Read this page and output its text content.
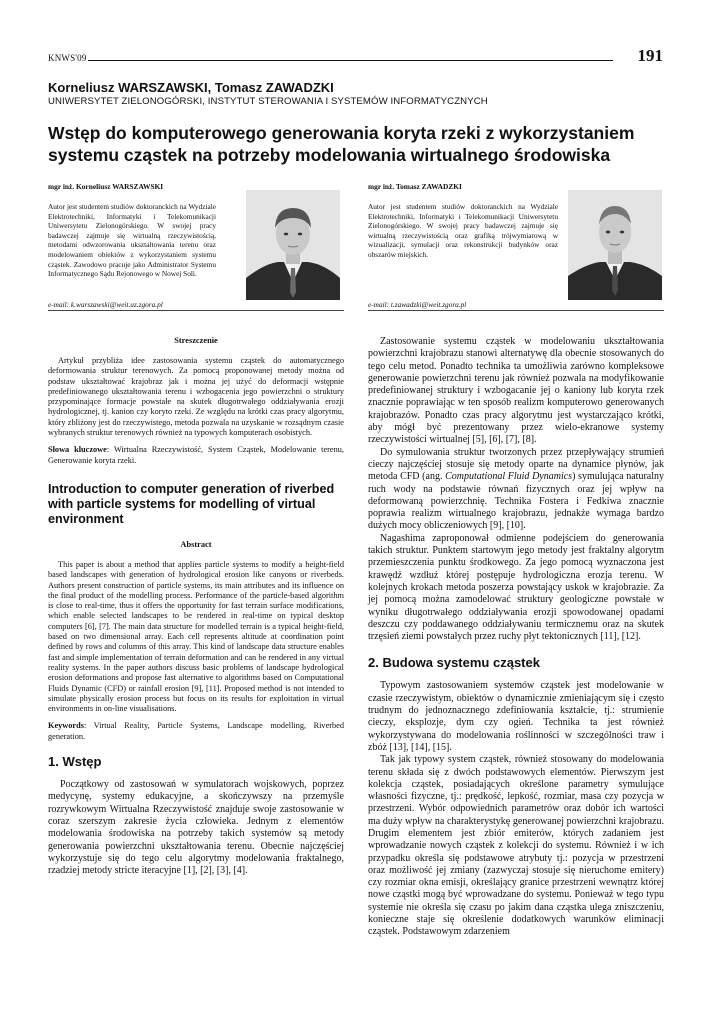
KNWS'09	191
Korneliusz WARSZAWSKI, Tomasz ZAWADZKI
UNIWERSYTET ZIELONOGÓRSKI, INSTYTUT STEROWANIA I SYSTEMÓW INFORMATYCZNYCH
Wstęp do komputerowego generowania koryta rzeki z wykorzystaniem systemu cząstek na potrzeby modelowania wirtualnego środowiska
mgr inż. Korneliusz WARSZAWSKI
Autor jest studentem studiów doktoranckich na Wydziale Elektrotechniki, Informatyki i Telekomunikacji Uniwersytetu Zielonogórskiego. W swojej pracy badawczej zajmuje się wirtualną rzeczywistością, metodami odwzorowania ukształtowania terenu oraz modelowaniem obiektów z wykorzystaniem systemu cząstek. Zawodowo pracuje jako Administrator Systemu Informatycznego Sądu Rejonowego w Nowej Soli.
e-mail: k.warszawski@weit.uz.zgora.pl
mgr inż. Tomasz ZAWADZKI
Autor jest studentem studiów doktoranckich na Wydziale Elektrotechniki, Informatyki i Telekomunikacji Uniwersytetu Zielonogórskiego. W swojej pracy badawczej zajmuje się wirtualną rzeczywistością oraz grafiką trójwymiarową w wizualizacji, symulacji oraz rekonstrukcji budynków oraz obszarów miejskich.
e-mail: t.zawadzki@weit.zgora.pl
Streszczenie

Artykuł przybliża idee zastosowania systemu cząstek do automatycznego deformowania struktur terenowych. Za pomocą proponowanej metody można od podstaw ukształtować krajobraz jak i można jej użyć do deformacji wstępnie predefiniowanego ukształtowania terenu i wzbogacenia jego powierzchni o struktury przypominające formacje powstałe na skutek długotrwałego oddziaływania erozji hydrologicznej, tj. kanion czy koryto rzeki. Ze względu na krótki czas pracy algorytmu, który zbliżony jest do rzeczywistego, metoda pozwala na uzyskanie w rozsądnym czasie wybranych struktur terenowych również na typowych komputerach osobistych.

Słowa kluczowe: Wirtualna Rzeczywistość, System Cząstek, Modelowanie terenu, Generowanie koryta rzeki.

Introduction to computer generation of riverbed with particle systems for modelling of virtual environment
Abstract

This paper is about a method that applies particle systems to modify a height-field based landscapes with generation of hydrological erosion like canyons or riverbeds. Authors present construction of particle systems, its main attributes and its influence on the final product of the modelling process. Performance of the particle-based algorithm is close to real-time, thus it offers the opportunity for fast terrain surface modifications, which enable selected landscapes to be rendered in real-time on typical desktop computers [6], [7]. The main data structure for modelled terrain is a typical height-field, based on two dimensional array. Each cell represents altitude at coordination point defined by rows and columns of this array. This kind of landscape data structure enables fast and simple implementation of terrain deformation and can be rendered in any virtual reality systems. In the paper authors discuss basic problems of landscape hydrological erosion deformations and propose fast alternative to algorithms based on Computational Fluids Dynamic (CFD) or rainfall erosion [9], [11]. Proposed method is not intended to simulate physically erosion process but focus on its results for exploitation in virtual environments in on-line visualisations.

Keywords: Virtual Reality, Particle Systems, Landscape modelling, Riverbed generation.

1. Wstęp

Początkowy od zastosowań w symulatorach wojskowych, poprzez medycynę, systemy edukacyjne, a skończywszy na przemyśle rozrywkowym Wirtualna Rzeczywistość znajduje swoje zastosowanie w coraz szerszym zakresie życia człowieka. Jednym z elementów modelowania środowiska na potrzeby takich systemów są metody generowania powierzchni ukształtowania terenu. Obecnie najczęściej wykorzystuje się do tego celu algorytmy modelowania fraktalnego, rzadziej metody stricte iteracyjne [1], [2], [3], [4].

Zastosowanie systemu cząstek w modelowaniu ukształtowania powierzchni krajobrazu stanowi alternatywę dla obecnie stosowanych do tego celu metod. Ponadto technika ta umożliwia zarówno kompleksowe generowanie powierzchni terenu jak również pozwala na modyfikowanie predefiniowanej struktury i wzbogacanie jej o kaniony lub koryta rzek znacznie poprawiając w ten sposób realizm komputerowo generowanych krajobrazów. Ponadto czas pracy algorytmu jest wystarczająco krótki, aby mógł być prezentowany przez wielo-ekranowe systemy rzeczywistości wirtualnej [5], [6], [7], [8].

Do symulowania struktur tworzonych przez przepływający strumień cieczy najczęściej stosuje się metody oparte na dynamice płynów, jak metoda CFD (ang. Computational Fluid Dynamics) symulująca naturalny ruch wody na podstawie równań fizycznych oraz jej wpływ na deformowaną powierzchnię. Technika Fostera i Fedkiwa znacznie poprawia realizm wirtualnego krajobrazu, jednakże wymaga bardzo dużych mocy obliczeniowych [9], [10].

Nagashima zaproponował odmienne podejściem do generowania takich struktur. Punktem startowym jego metody jest fraktalny algorytm przemieszczenia punktu środkowego. Za jego pomocą wyznaczona jest krawędź wzdłuż której postępuje hydrologiczna erozja terenu. W kolejnych krokach metoda poszerza powstający uskok w krajobrazie. Za jej pomocą można zamodelować struktury geologiczne powstałe w wyniku długotrwałego oddziaływania erozji spowodowanej opadami deszczu czy poddawanego oddziaływaniu termicznemu oraz na skutek trzęsień ziemi powstałych przez ruchy płyt tektonicznych [11], [12].

2. Budowa systemu cząstek

Typowym zastosowaniem systemów cząstek jest modelowanie w czasie rzeczywistym, obiektów o dynamicznie zmieniającym się i często trudnym do jednoznacznego zdefiniowania kształcie, tj.: strumienie cieczy, eksplozje, dym czy ogień. Technika ta jest również wykorzystywana do modelowania roślinności w szczególności traw i zbóż [13], [14], [15].

Tak jak typowy system cząstek, również stosowany do modelowania terenu składa się z dwóch podstawowych elementów. Pierwszym jest kolekcja cząstek, posiadających określone parametry symulujące własności fizyczne, tj.: prędkość, lepkość, rozmiar, masa czy pozycja w przestrzeni. Wybór odpowiednich parametrów oraz dobór ich wartości ma duży wpływ na charakterystykę generowanej powierzchni krajobrazu. Drugim elementem jest zbiór emiterów, których zadaniem jest wprowadzanie nowych cząstek z kolekcji do systemu. Również i w ich przypadku określa się podstawowe atrybuty tj.: pozycja w przestrzeni oraz możliwość jej zmiany (zazwyczaj stosuje się nieruchome emitery) czy rozmiar okna emisji, określający granice przestrzeni wewnątrz której nowe cząstki mogą być wprowadzane do systemu. Ponieważ w tego typu systemie nie określa się czasu po jakim dana cząstka ulega zniszczeniu, konieczne staje się określenie dodatkowych warunków eliminacji cząstek. Podstawowym zdarzeniem
